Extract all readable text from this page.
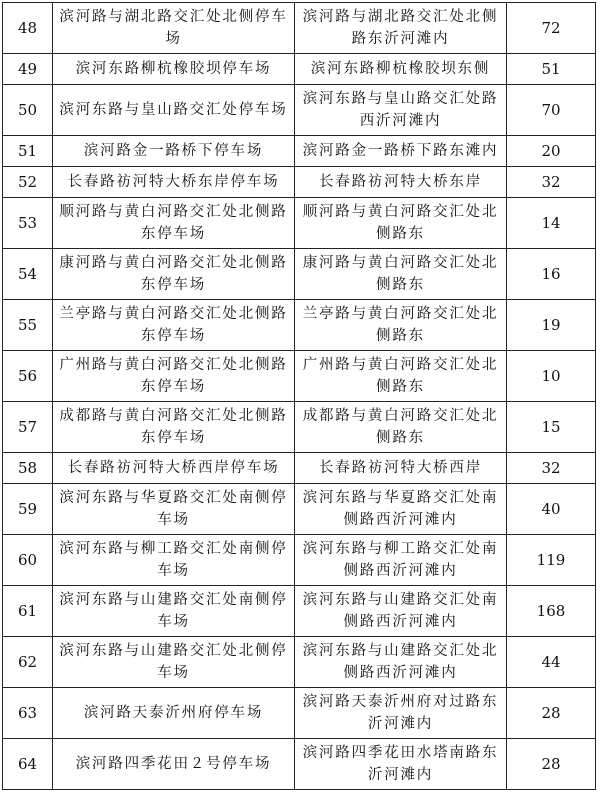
48	滨河路与湖北路交汇处北侧停车场	滨河路与湖北路交汇处北侧路东沂河滩内	72

49	滨河东路柳杭橡胶坝停车场	滨河东路柳杭橡胶坝东侧	51

50	滨河东路与皇山路交汇处停车场	滨河东路与皇山路交汇处路西沂河滩内	70

51	滨河路金一路桥下停车场	滨河路金一路桥下路东滩内	20

52	长春路祊河特大桥东岸停车场	长春路祊河特大桥东岸	32

53	顺河路与黄白河路交汇处北侧路东停车场	顺河路与黄白河路交汇处北侧路东	14

54	康河路与黄白河路交汇处北侧路东停车场	康河路与黄白河路交汇处北侧路东	16

55	兰亭路与黄白河路交汇处北侧路东停车场	兰亭路与黄白河路交汇处北侧路东	19

56	广州路与黄白河路交汇处北侧路东停车场	广州路与黄白河路交汇处北侧路东	10

57	成都路与黄白河路交汇处北侧路东停车场	成都路与黄白河路交汇处北侧路东	15

58	长春路祊河特大桥西岸停车场	长春路祊河特大桥西岸	32

59	滨河东路与华夏路交汇处南侧停车场	滨河东路与华夏路交汇处南侧路西沂河滩内	40

60	滨河东路与柳工路交汇处南侧停车场	滨河东路与柳工路交汇处南侧路西沂河滩内	119

61	滨河东路与山建路交汇处南侧停车场	滨河东路与山建路交汇处南侧路西沂河滩内	168

62	滨河东路与山建路交汇处北侧停车场	滨河东路与山建路交汇处北侧路西沂河滩内	44

63	滨河路天泰沂州府停车场	滨河路天泰沂州府对过路东沂河滩内	28

64	滨河路四季花田２号停车场	滨河路四季花田水塔南路东沂河滩内	28
